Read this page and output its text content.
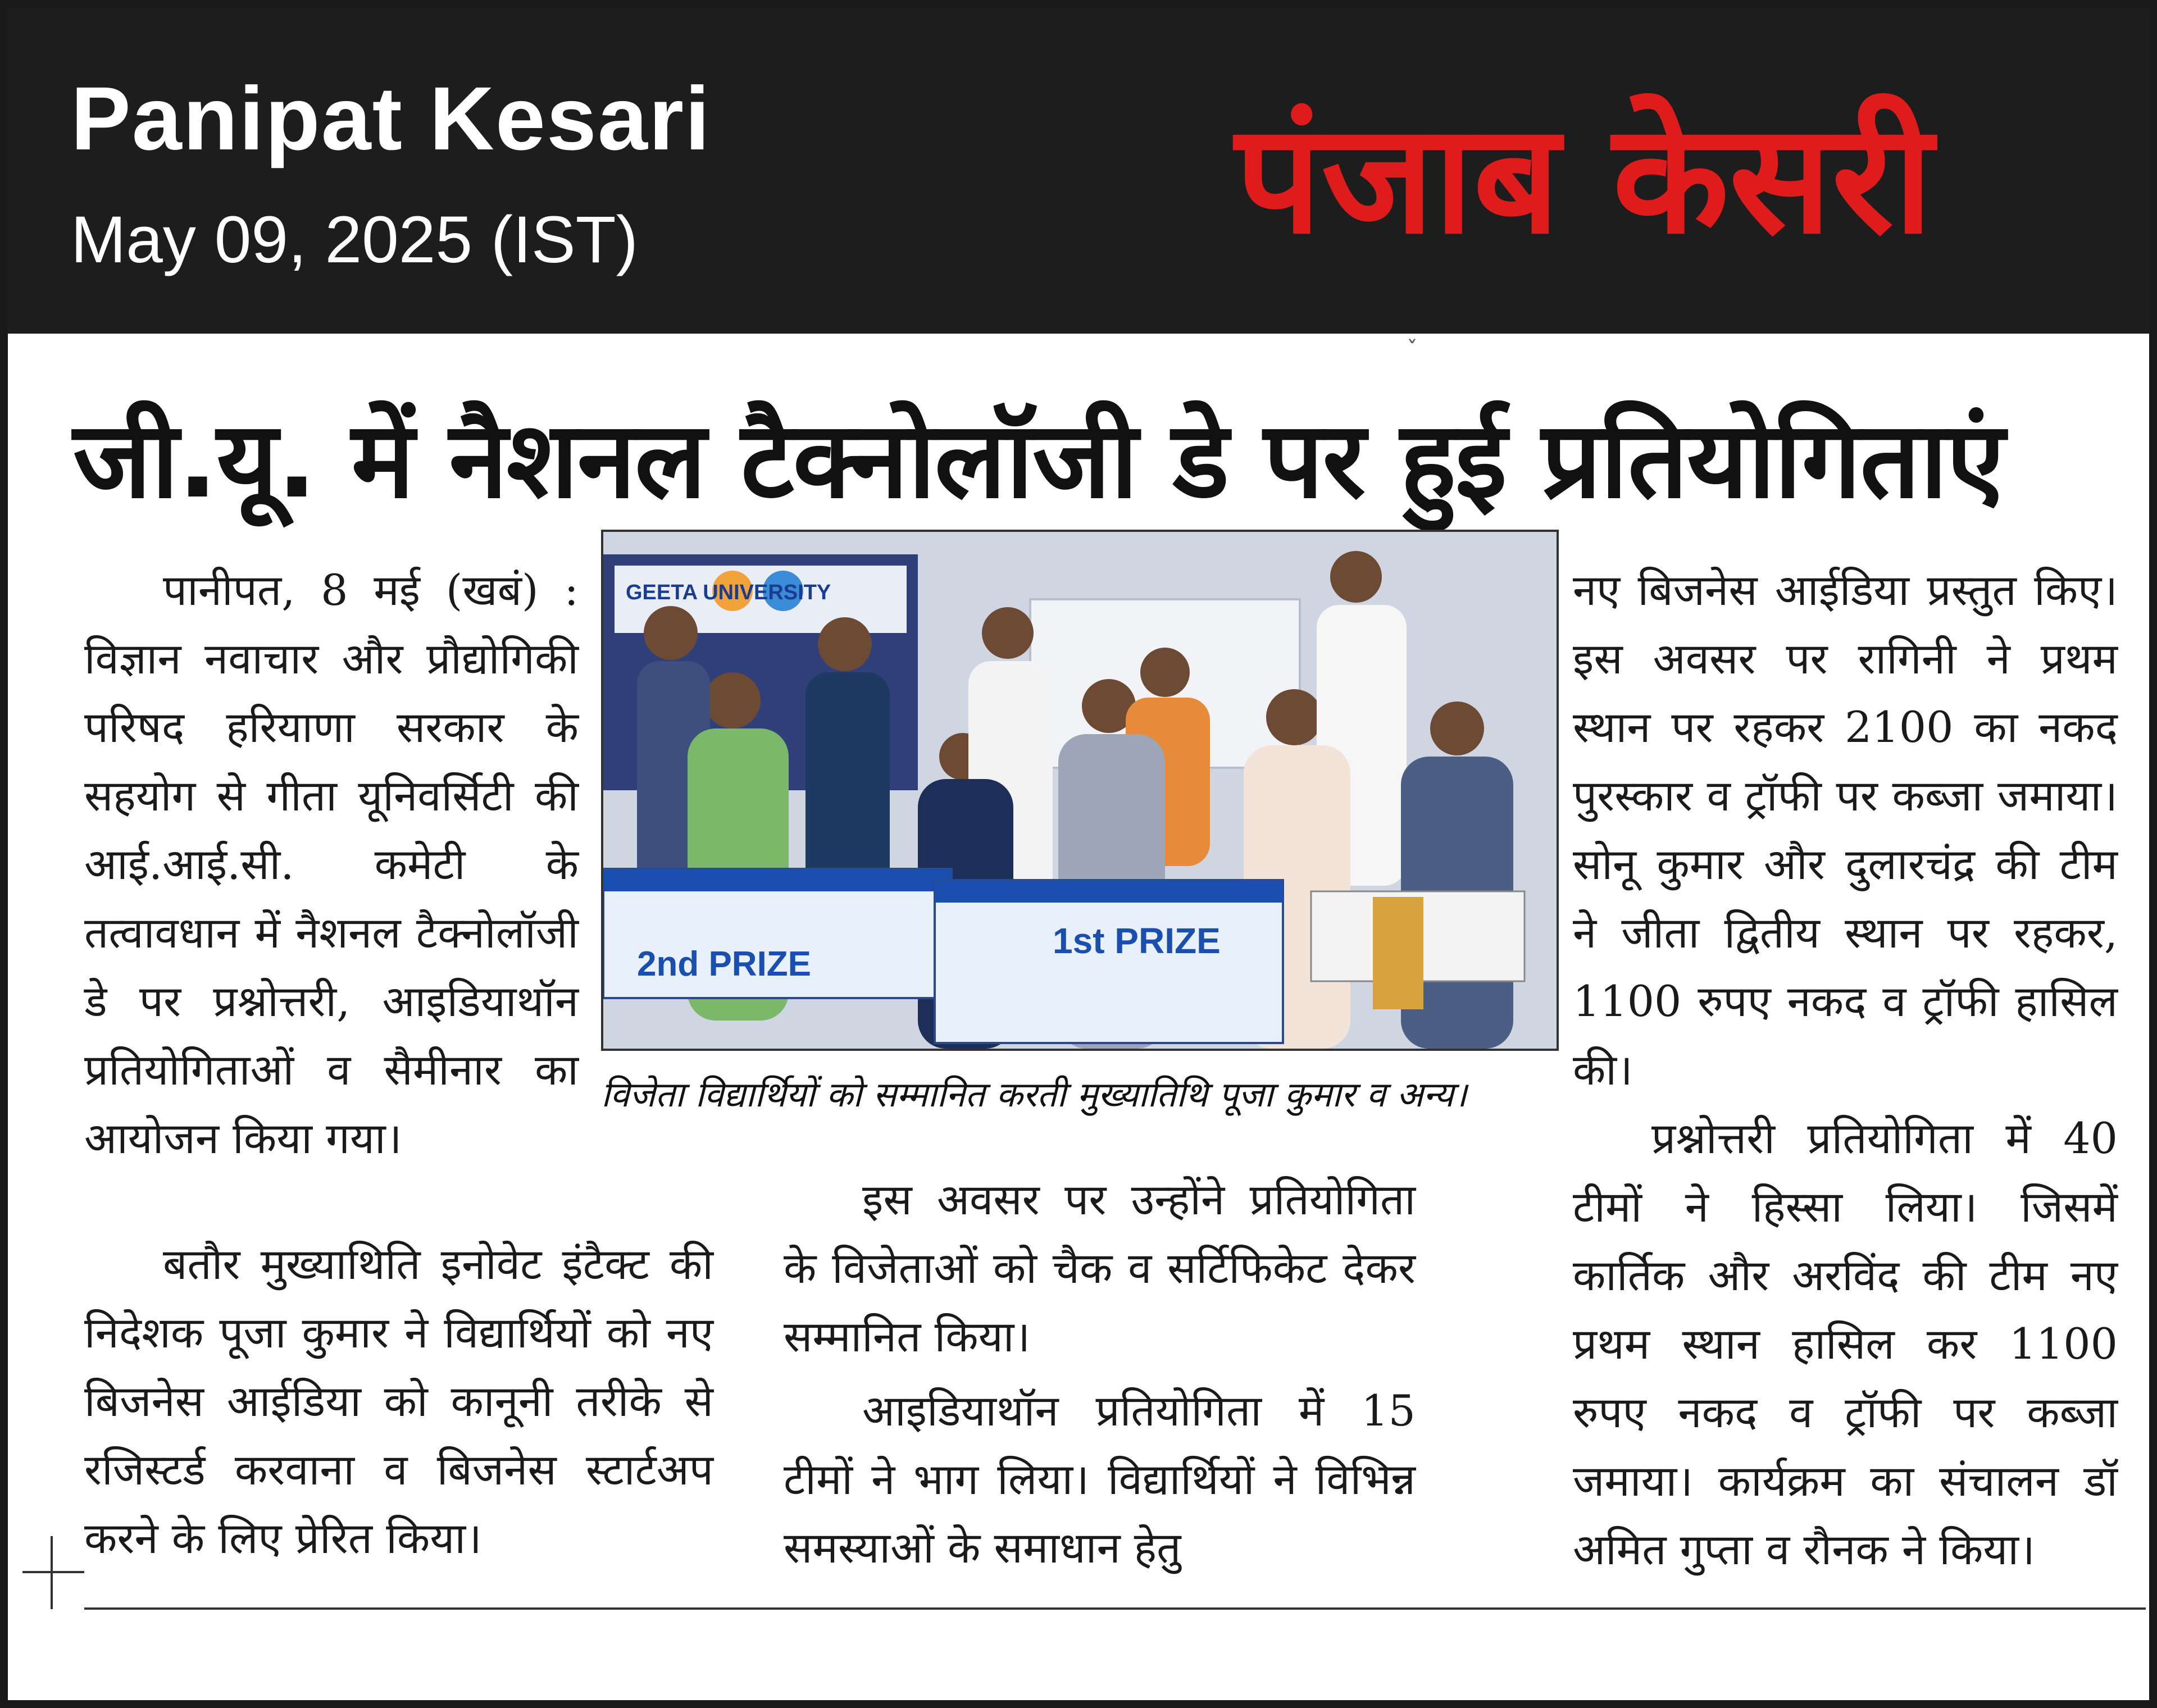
Panipat Kesari
May 09, 2025 (IST)	पंजाब केसरी
ˇ
जी.यू. में नैशनल टैक्नोलॉजी डे पर हुई प्रतियोगिताएं

पानीपत, 8 मई (खबं) : विज्ञान नवाचार और प्रौद्योगिकी परिषद हरियाणा सरकार के सहयोग से गीता यूनिवर्सिटी की आई.आई.सी. कमेटी के तत्वावधान में नैशनल टैक्नोलॉजी डे पर प्रश्नोत्तरी, आइडियाथॉन प्रतियोगिताओं व सैमीनार का आयोजन किया गया।

बतौर मुख्याथिति इनोवेट इंटैक्ट की निदेशक पूजा कुमार ने विद्यार्थियों को नए बिजनेस आईडिया को कानूनी तरीके से रजिस्टर्ड करवाना व बिजनेस स्टार्टअप करने के लिए प्रेरित किया।

GEETA UNIVERSITY
2nd PRIZE
1st PRIZE
विजेता विद्यार्थियों को सम्मानित करती मुख्यातिथि पूजा कुमार व अन्य।

इस अवसर पर उन्होंने प्रतियोगिता के विजेताओं को चैक व सर्टिफिकेट देकर सम्मानित किया।

आइडियाथॉन प्रतियोगिता में 15 टीमों ने भाग लिया। विद्यार्थियों ने विभिन्न समस्याओं के समाधान हेतु

नए बिजनेस आईडिया प्रस्तुत किए। इस अवसर पर रागिनी ने प्रथम स्थान पर रहकर 2100 का नकद पुरस्कार व ट्रॉफी पर कब्जा जमाया। सोनू कुमार और दुलारचंद्र की टीम ने जीता द्वितीय स्थान पर रहकर, 1100 रुपए नकद व ट्रॉफी हासिल की।

प्रश्नोत्तरी प्रतियोगिता में 40 टीमों ने हिस्सा लिया। जिसमें कार्तिक और अरविंद की टीम नए प्रथम स्थान हासिल कर 1100 रुपए नकद व ट्रॉफी पर कब्जा जमाया। कार्यक्रम का संचालन डॉ अमित गुप्ता व रौनक ने किया।
